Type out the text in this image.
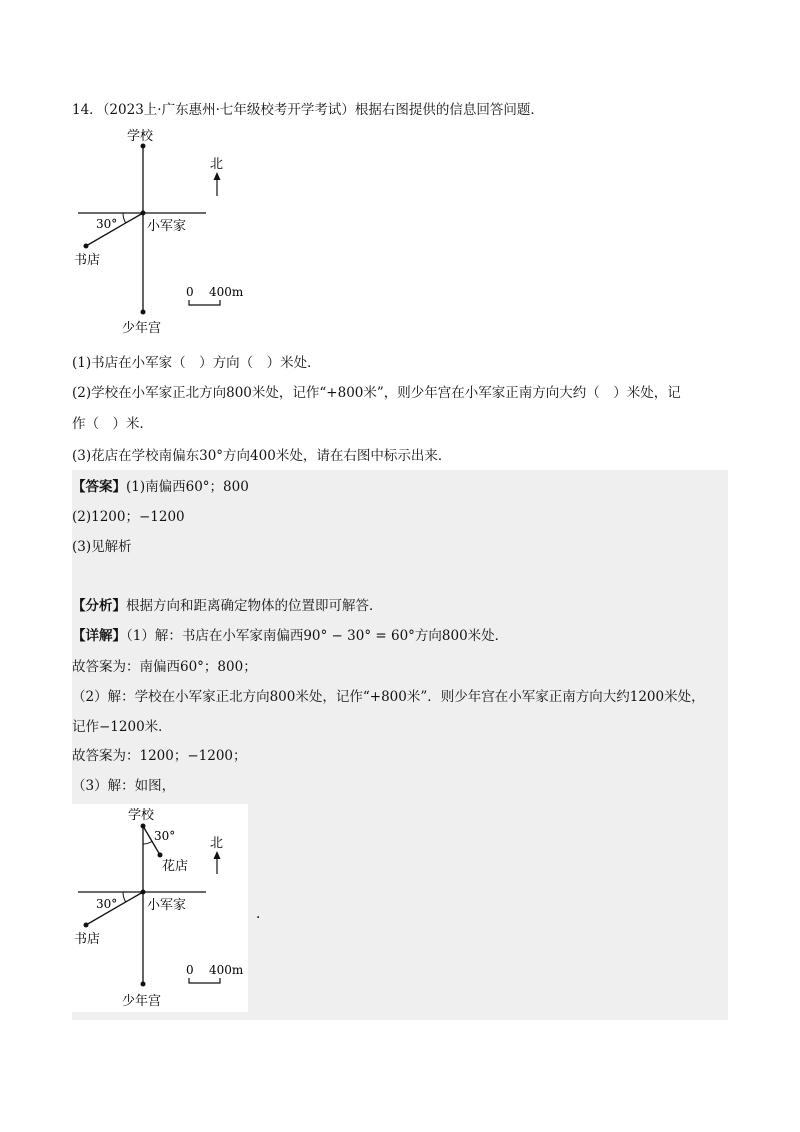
14．（2023上·广东惠州·七年级校考开学考试）根据右图提供的信息回答问题．
学校
30° 小军家
书店
少年宫
北
0 400m
(1)书店在小军家（　）方向（　）米处．
(2)学校在小军家正北方向800米处，记作“+800米”，则少年宫在小军家正南方向大约（　）米处，记
作（　）米．
(3)花店在学校南偏东30°方向400米处，请在右图中标示出来．
【答案】(1)南偏西60°；800
(2)1200；−1200
(3)见解析
【分析】根据方向和距离确定物体的位置即可解答．
【详解】（1）解：书店在小军家南偏西90° − 30° = 60°方向800米处．
故答案为：南偏西60°；800；
（2）解：学校在小军家正北方向800米处，记作“+800米”．则少年宫在小军家正南方向大约1200米处，
记作−1200米．
故答案为：1200；−1200；
（3）解：如图，
学校
30°
花店
30° 小军家
书店
少年宫
北
0 400m
．
